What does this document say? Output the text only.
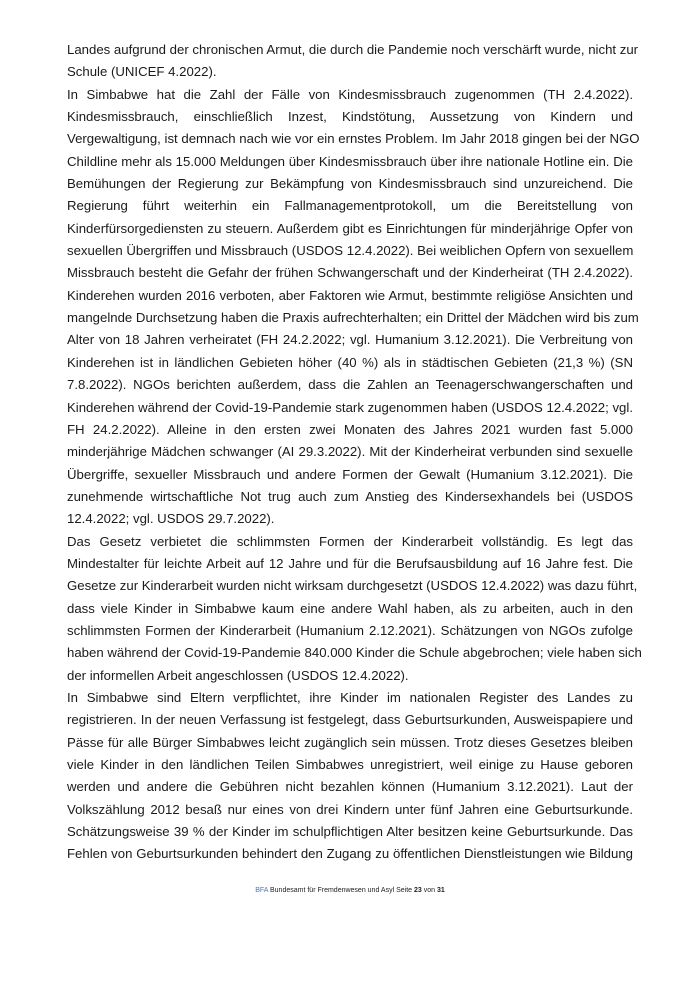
Landes aufgrund der chronischen Armut, die durch die Pandemie noch verschärft wurde, nicht zur
Schule (UNICEF 4.2022).
In Simbabwe hat die Zahl der Fälle von Kindesmissbrauch zugenommen (TH 2.4.2022).
Kindesmissbrauch, einschließlich Inzest, Kindstötung, Aussetzung von Kindern und
Vergewaltigung, ist demnach nach wie vor ein ernstes Problem. Im Jahr 2018 gingen bei der NGO
Childline mehr als 15.000 Meldungen über Kindesmissbrauch über ihre nationale Hotline ein. Die
Bemühungen der Regierung zur Bekämpfung von Kindesmissbrauch sind unzureichend. Die
Regierung führt weiterhin ein Fallmanagementprotokoll, um die Bereitstellung von
Kinderfürsorgediensten zu steuern. Außerdem gibt es Einrichtungen für minderjährige Opfer von
sexuellen Übergriffen und Missbrauch (USDOS 12.4.2022). Bei weiblichen Opfern von sexuellem
Missbrauch besteht die Gefahr der frühen Schwangerschaft und der Kinderheirat (TH 2.4.2022).
Kinderehen wurden 2016 verboten, aber Faktoren wie Armut, bestimmte religiöse Ansichten und
mangelnde Durchsetzung haben die Praxis aufrechterhalten; ein Drittel der Mädchen wird bis zum
Alter von 18 Jahren verheiratet (FH 24.2.2022; vgl. Humanium 3.12.2021). Die Verbreitung von
Kinderehen ist in ländlichen Gebieten höher (40 %) als in städtischen Gebieten (21,3 %) (SN
7.8.2022). NGOs berichten außerdem, dass die Zahlen an Teenagerschwangerschaften und
Kinderehen während der Covid-19-Pandemie stark zugenommen haben (USDOS 12.4.2022; vgl.
FH 24.2.2022). Alleine in den ersten zwei Monaten des Jahres 2021 wurden fast 5.000
minderjährige Mädchen schwanger (AI 29.3.2022). Mit der Kinderheirat verbunden sind sexuelle
Übergriffe, sexueller Missbrauch und andere Formen der Gewalt (Humanium 3.12.2021). Die
zunehmende wirtschaftliche Not trug auch zum Anstieg des Kindersexhandels bei (USDOS
12.4.2022; vgl. USDOS 29.7.2022).
Das Gesetz verbietet die schlimmsten Formen der Kinderarbeit vollständig. Es legt das
Mindestalter für leichte Arbeit auf 12 Jahre und für die Berufsausbildung auf 16 Jahre fest. Die
Gesetze zur Kinderarbeit wurden nicht wirksam durchgesetzt (USDOS 12.4.2022) was dazu führt,
dass viele Kinder in Simbabwe kaum eine andere Wahl haben, als zu arbeiten, auch in den
schlimmsten Formen der Kinderarbeit (Humanium 2.12.2021). Schätzungen von NGOs zufolge
haben während der Covid-19-Pandemie 840.000 Kinder die Schule abgebrochen; viele haben sich
der informellen Arbeit angeschlossen (USDOS 12.4.2022).
In Simbabwe sind Eltern verpflichtet, ihre Kinder im nationalen Register des Landes zu
registrieren. In der neuen Verfassung ist festgelegt, dass Geburtsurkunden, Ausweispapiere und
Pässe für alle Bürger Simbabwes leicht zugänglich sein müssen. Trotz dieses Gesetzes bleiben
viele Kinder in den ländlichen Teilen Simbabwes unregistriert, weil einige zu Hause geboren
werden und andere die Gebühren nicht bezahlen können (Humanium 3.12.2021). Laut der
Volkszählung 2012 besaß nur eines von drei Kindern unter fünf Jahren eine Geburtsurkunde.
Schätzungsweise 39 % der Kinder im schulpflichtigen Alter besitzen keine Geburtsurkunde. Das
Fehlen von Geburtsurkunden behindert den Zugang zu öffentlichen Dienstleistungen wie Bildung
BFA Bundesamt für Fremdenwesen und Asyl Seite 23 von 31
